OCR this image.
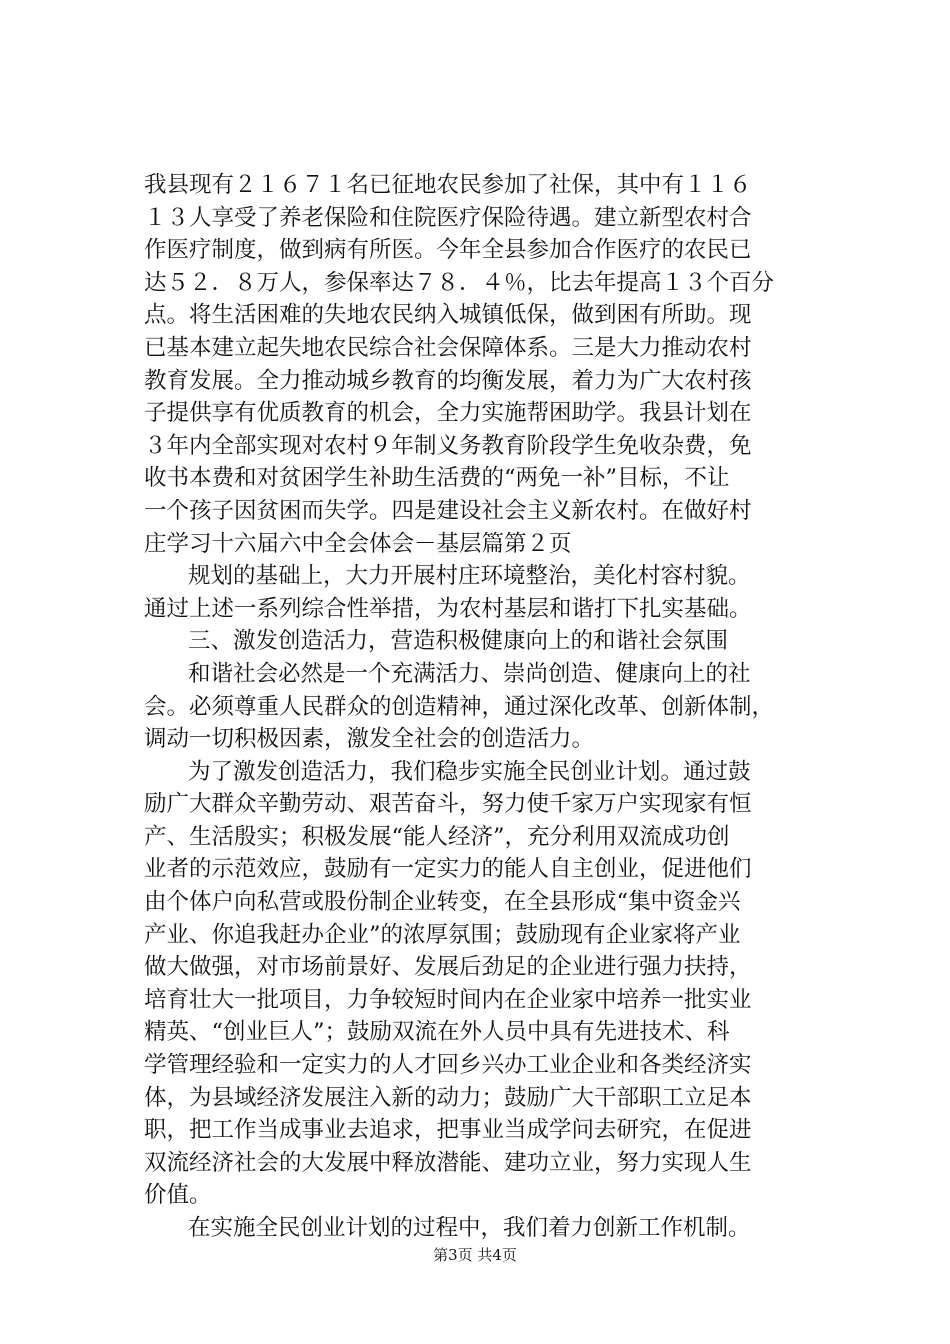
我县现有２１６７１名已征地农民参加了社保，其中有１１６
１３人享受了养老保险和住院医疗保险待遇。建立新型农村合
作医疗制度，做到病有所医。今年全县参加合作医疗的农民已
达５２．８万人，参保率达７８．４％，比去年提高１３个百分
点。将生活困难的失地农民纳入城镇低保，做到困有所助。现
已基本建立起失地农民综合社会保障体系。三是大力推动农村
教育发展。全力推动城乡教育的均衡发展，着力为广大农村孩
子提供享有优质教育的机会，全力实施帮困助学。我县计划在
３年内全部实现对农村９年制义务教育阶段学生免收杂费，免
收书本费和对贫困学生补助生活费的“两免一补”目标，不让
一个孩子因贫困而失学。四是建设社会主义新农村。在做好村
庄学习十六届六中全会体会－基层篇第２页
规划的基础上，大力开展村庄环境整治，美化村容村貌。
通过上述一系列综合性举措，为农村基层和谐打下扎实基础。
三、激发创造活力，营造积极健康向上的和谐社会氛围
和谐社会必然是一个充满活力、崇尚创造、健康向上的社
会。必须尊重人民群众的创造精神，通过深化改革、创新体制，
调动一切积极因素，激发全社会的创造活力。
为了激发创造活力，我们稳步实施全民创业计划。通过鼓
励广大群众辛勤劳动、艰苦奋斗，努力使千家万户实现家有恒
产、生活殷实；积极发展“能人经济”，充分利用双流成功创
业者的示范效应，鼓励有一定实力的能人自主创业，促进他们
由个体户向私营或股份制企业转变，在全县形成“集中资金兴
产业、你追我赶办企业”的浓厚氛围；鼓励现有企业家将产业
做大做强，对市场前景好、发展后劲足的企业进行强力扶持，
培育壮大一批项目，力争较短时间内在企业家中培养一批实业
精英、“创业巨人”；鼓励双流在外人员中具有先进技术、科
学管理经验和一定实力的人才回乡兴办工业企业和各类经济实
体，为县域经济发展注入新的动力；鼓励广大干部职工立足本
职，把工作当成事业去追求，把事业当成学问去研究，在促进
双流经济社会的大发展中释放潜能、建功立业，努力实现人生
价值。
在实施全民创业计划的过程中，我们着力创新工作机制。
第3页 共4页
